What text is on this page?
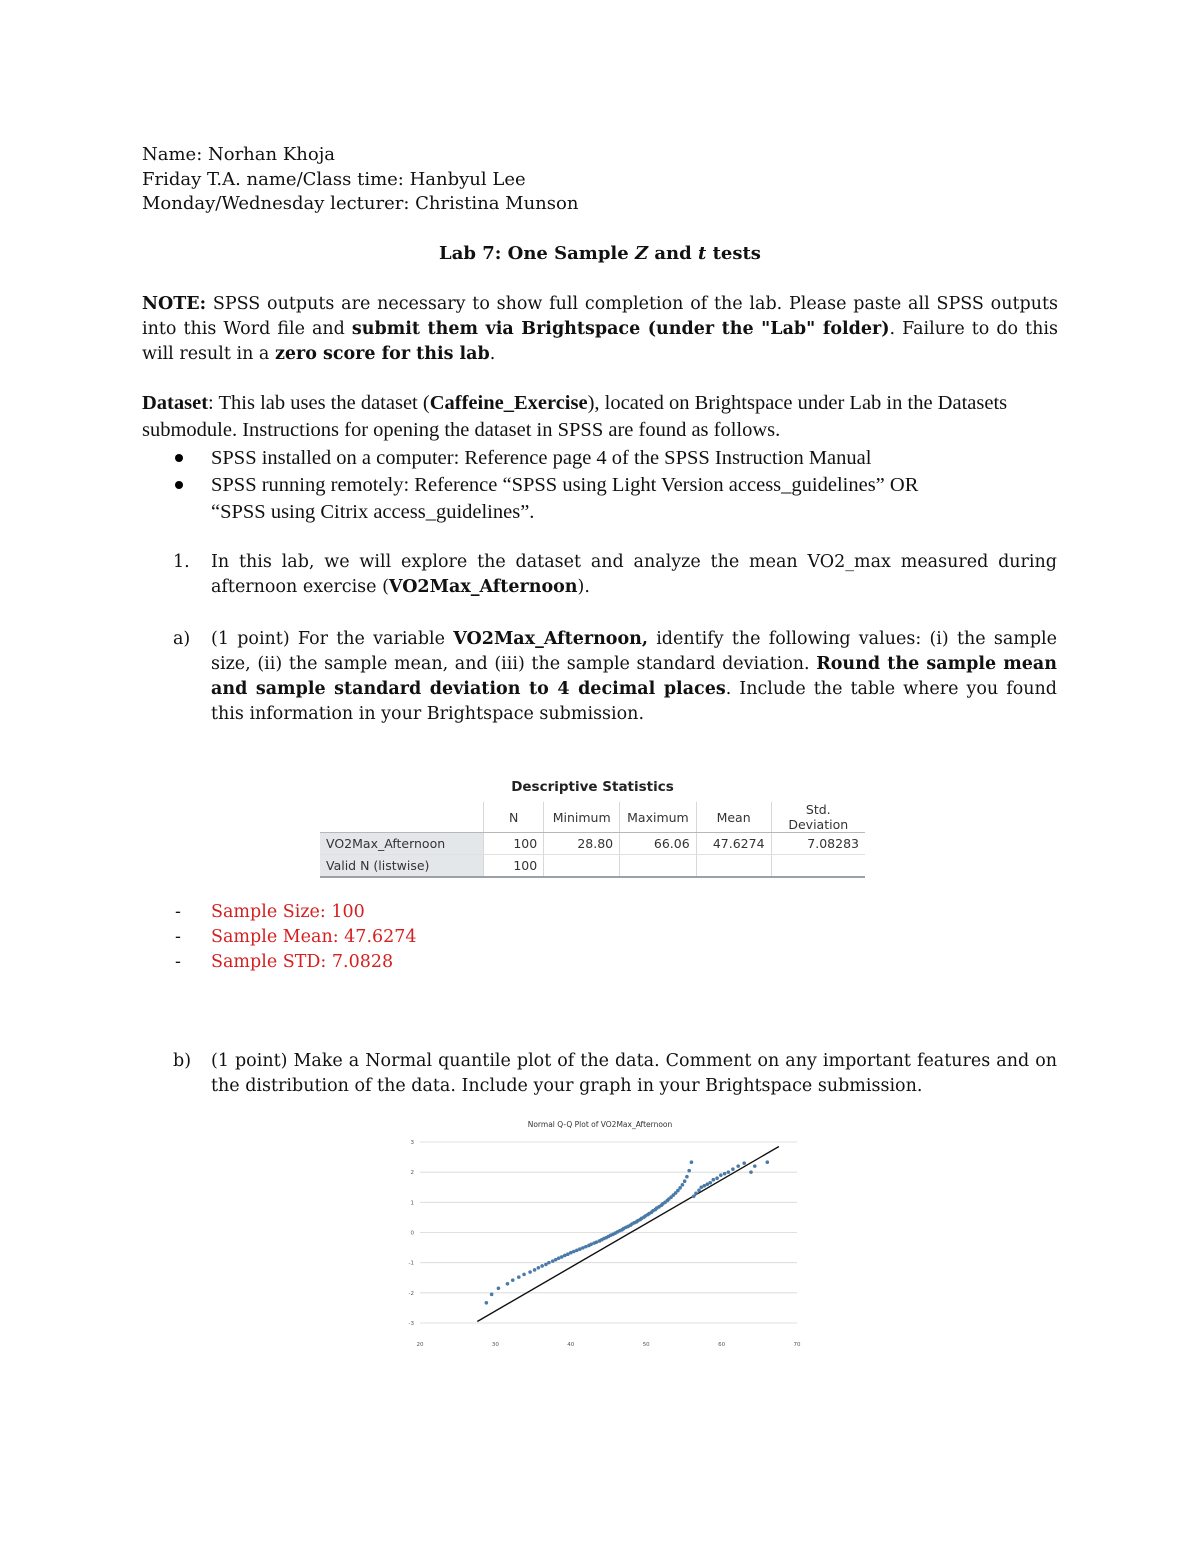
Name: Norhan Khoja
Friday T.A. name/Class time: Hanbyul Lee
Monday/Wednesday lecturer: Christina Munson
Lab 7: One Sample Z and t tests
NOTE: SPSS outputs are necessary to show full completion of the lab. Please paste all SPSS outputs into this Word file and submit them via Brightspace (under the "Lab" folder). Failure to do this will result in a zero score for this lab.
Dataset: This lab uses the dataset (Caffeine_Exercise), located on Brightspace under Lab in the Datasets submodule. Instructions for opening the dataset in SPSS are found as follows.
SPSS installed on a computer: Reference page 4 of the SPSS Instruction Manual
SPSS running remotely: Reference “SPSS using Light Version access_guidelines” OR
“SPSS using Citrix access_guidelines”.
1. In this lab, we will explore the dataset and analyze the mean VO2_max measured during afternoon exercise (VO2Max_Afternoon).
a) (1 point) For the variable VO2Max_Afternoon, identify the following values: (i) the sample size, (ii) the sample mean, and (iii) the sample standard deviation. Round the sample mean and sample standard deviation to 4 decimal places. Include the table where you found this information in your Brightspace submission.
Descriptive Statistics
	N	Minimum	Maximum	Mean	Std. Deviation
VO2Max_Afternoon	100	28.80	66.06	47.6274	7.08283
Valid N (listwise)	100				
- Sample Size: 100
- Sample Mean: 47.6274
- Sample STD: 7.0828
b) (1 point) Make a Normal quantile plot of the data. Comment on any important features and on the distribution of the data. Include your graph in your Brightspace submission.
Normal Q-Q Plot of VO2Max_Afternoon
3
2
1
0
-1
-2
-3
20	30	40	50	60	70
